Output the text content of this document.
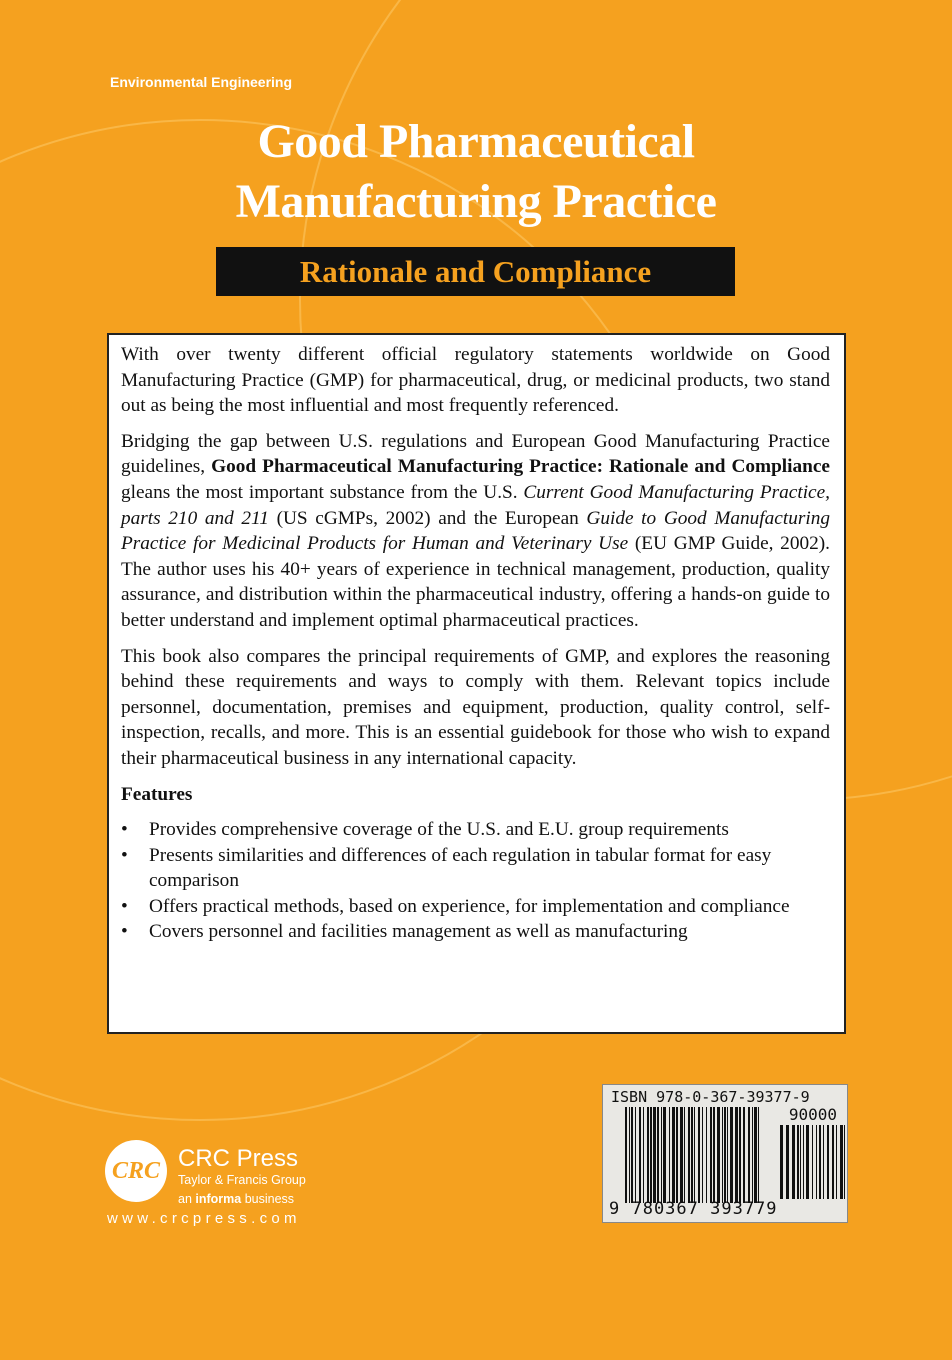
Environmental Engineering
Good Pharmaceutical
Manufacturing Practice
Rationale and Compliance

With over twenty different official regulatory statements worldwide on Good Manufacturing Practice (GMP) for pharmaceutical, drug, or medicinal products, two stand out as being the most influential and most frequently referenced.

Bridging the gap between U.S. regulations and European Good Manufacturing Practice guidelines, Good Pharmaceutical Manufacturing Practice: Rationale and Compliance gleans the most important substance from the U.S. Current Good Manufacturing Practice, parts 210 and 211 (US cGMPs, 2002) and the European Guide to Good Manufacturing Practice for Medicinal Products for Human and Veterinary Use (EU GMP Guide, 2002). The author uses his 40+ years of experience in technical management, production, quality assurance, and distribution within the pharmaceutical industry, offering a hands-on guide to better understand and implement optimal pharmaceutical practices.

This book also compares the principal requirements of GMP, and explores the reasoning behind these requirements and ways to comply with them. Relevant topics include personnel, documentation, premises and equipment, production, quality control, self-inspection, recalls, and more. This is an essential guidebook for those who wish to expand their pharmaceutical business in any international capacity.

Features
• Provides comprehensive coverage of the U.S. and E.U. group requirements
• Presents similarities and differences of each regulation in tabular format for easy comparison
• Offers practical methods, based on experience, for implementation and compliance
• Covers personnel and facilities management as well as manufacturing
CRC CRC Press
Taylor & Francis Group
an informa business
www.crcpress.com
ISBN 978-0-367-39377-9
90000
9 780367 393779
